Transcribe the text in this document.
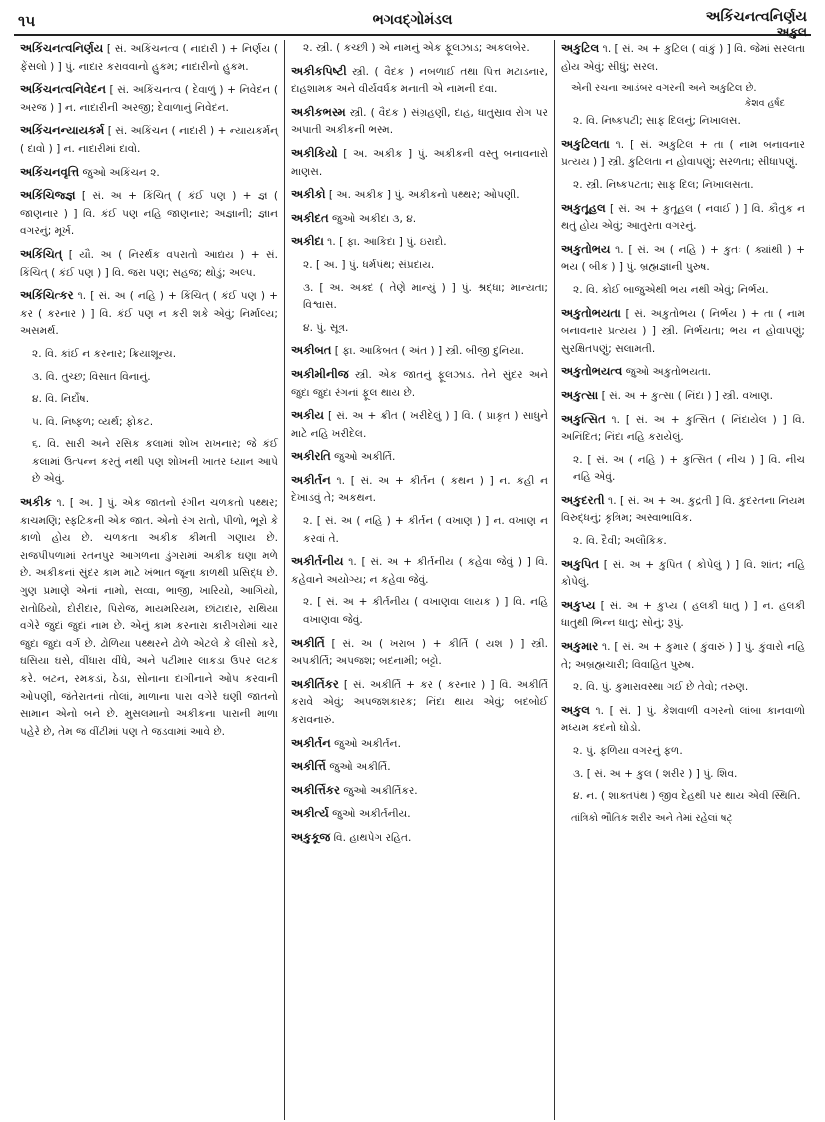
૧૫	ભગવદ્ગોમંડલ	અકિંચનત્વનિર્ણય
અકુલ
અકિંચનત્વનિર્ણય [ સં. અકિંચનત્વ ( નાદારી ) + નિર્ણય ( ફેંસલો ) ] પું. નાદાર કરાવવાનો હુકમ; નાદારીનો હુકમ.
અકિંચનત્વનિવેદન [ સં. અકિંચનત્વ ( દેવાળું ) + નિવેદન ( અરજ ) ] ન. નાદારીની અરજી; દેવાળાનું નિવેદન.
અકિંચનન્યાયકર્મ [ સં. અકિંચન ( નાદારી ) + ન્યાયકર્મન્ ( દાવો ) ] ન. નાદારીમાં દાવો.
અકિંચનવૃત્તિ જુઓ અકિંચન ૨.
અકિંચિજ્જ્ઞ [ સં. અ + કિંચિત્ ( કંઈ પણ ) + જ્ઞ ( જાણનાર ) ] વિ. કંઈ પણ નહિ જાણનાર; અજ્ઞાની; જ્ઞાન વગરનું; મૂર્ખ.
અકિંચિત્ [ યૌ. અ ( નિરર્થક વપરાતો આદ્યય ) + સં. કિંચિત્ ( કંઈ પણ ) ] વિ. જરા પણ; સહજ; થોડું; અલ્પ.
અકિંચિત્કર ૧. [ સં. અ ( નહિ ) + કિંચિત્ ( કંઈ પણ ) + કર ( કરનાર ) ] વિ. કંઈ પણ ન કરી શકે એવું; નિર્માલ્ય; અસમર્થ.
૨. વિ. કાંઈ ન કરનાર; ક્રિયાશૂન્ય.
૩. વિ. તુચ્છ; વિસાત વિનાનું.
૪. વિ. નિર્દોષ.
૫. વિ. નિષ્ફળ; વ્યર્થ; ફોકટ.
૬. વિ. સારી અને રસિક કલામાં શોખ રાખનાર; જે કંઈ કલામાં ઉત્પન્ન કરતું નથી પણ શોખની ખાતર ધ્યાન આપે છે એવું.
અકીક ૧. [ અ. ] પું. એક જાતનો રંગીન ચળકતો પથ્થર; કાચમણિ; સ્ફટિકની એક જાત. એનો રંગ રાતો, પીળો, ભૂરો કે કાળો હોય છે. ચળકતા અકીક કીમતી ગણાય છે. રાજપીપળામાં રતનપુર આગળના ડુંગરામાં અકીક ઘણા મળે છે. અકીકનાં સુંદર કામ માટે ખંભાત જૂના કાળથી પ્રસિદ્ધ છે. ગુણ પ્રમાણે એનાં નામો, સવ્વા, ભાજી, ખારિયો, આગિયો, રાતોઠિયો, દોરીદાર, પિરોજ, માયમરિયમ, છાંટાદાર, રાથિયા વગેરે જુદાં જુદાં નામ છે. એનું કામ કરનારા કારીગરોમાં ચાર જુદા જુદા વર્ગ છે. ઢોળિયા પથ્થરને ઢોળે એટલે કે લીસો કરે, ઘસિયા ઘસે, વીંધારા વીંધે, અને પટીમાર લાકડા ઉપર લટક કરે. બટન, રમકડાં, ઠેડા, સોનાના દાગીનાને ઓપ કરવાની ઓપણી, જંતેરાતનાં તોલાં, માળાના પારા વગેરે ઘણી જાતનો સામાન એનો બને છે. મુસલમાનો અકીકના પારાની માળા પહેરે છે, તેમ જ વીંટીમાં પણ તે જડવામાં આવે છે.
૨. સ્ત્રી. ( કચ્છી ) એ નામનું એક ફૂલઝાડ; અકલબેર.
અકીકપિષ્ટી સ્ત્રી. ( વૈદક ) નબળાઈ તથા પિત્ત મટાડનાર, દાહશામક અને વીર્યવર્ધક મનાતી એ નામની દવા.
અકીકભસ્મ સ્ત્રી. ( વૈદક ) સંગ્રહણી, દાહ, ધાતુસ્રાવ રોગ પર અપાતી અકીકની ભસ્મ.
અકીકિયો [ અ. અકીક ] પું. અકીકની વસ્તુ બનાવનારો માણસ.
અકીકો [ અ. અકીક ] પું. અકીકનો પથ્થર; ઓપણી.
અકીદત જુઓ અકીદા ૩, ૪.
અકીદા ૧. [ ફા. આકિદા ] પું. ઇરાદો.
૨. [ અ. ] પું. ધર્મપંથ; સંપ્રદાય.
૩. [ અ. અક્દ ( તેણે માન્યું ) ] પું. શ્રદ્ધા; માન્યતા; વિશ્વાસ.
૪. પું. સૂત્ર.
અકીબત [ ફા. આકિબત ( અંત ) ] સ્ત્રી. બીજી દુનિયા.
અકીમીનીજ સ્ત્રી. એક જાતનું ફૂલઝાડ. તેને સુંદર અને જુદા જુદા રંગનાં ફૂલ થાય છે.
અકીય [ સં. અ + ક્રીત ( ખરીદેલું ) ] વિ. ( પ્રાકૃત ) સાધુને માટે નહિ ખરીદેલ.
અકીરતિ જુઓ અકીર્તિ.
અકીર્તન ૧. [ સં. અ + કીર્તન ( કથન ) ] ન. કહી ન દેખાડવું તે; અકથન.
૨. [ સં. અ ( નહિ ) + કીર્તન ( વખાણ ) ] ન. વખાણ ન કરવાં તે.
અકીર્તનીય ૧. [ સં. અ + કીર્તનીય ( કહેવા જેવું ) ] વિ. કહેવાને અયોગ્ય; ન કહેવા જેવું.
૨. [ સં. અ + કીર્તનીય ( વખાણવા લાયક ) ] વિ. નહિ વખાણવા જેવું.
અકીર્તિ [ સં. અ ( ખરાબ ) + કીર્તિ ( યશ ) ] સ્ત્રી. અપકીર્તિ; અપજશ; બદનામી; બટ્ટો.
અકીર્તિકર [ સં. અકીર્તિ + કર ( કરનાર ) ] વિ. અકીર્તિ કરાવે એવું; અપજશકારક; નિંદા થાય એવું; બદબોઈ કરાવનારું.
અકીર્તન જુઓ અકીર્તન.
અકીર્ત્તિ જુઓ અકીર્તિ.
અકીર્ત્તિકર જુઓ અકીર્તિકર.
અકીર્ત્ય જુઓ અકીર્તનીય.
અકુકૂજ વિ. હાથપેગ રહિત.
અકુટિલ ૧. [ સં. અ + કુટિલ ( વાંકું ) ] વિ. જેમાં સરલતા હોય એવું; સીધું; સરલ.
એની રચના આડંબર વગરની અને અકુટિલ છે.
કેશવ હર્ષદ
૨. વિ. નિષ્કપટી; સાફ દિલનું; નિખાલસ.
અકુટિલતા ૧. [ સં. અકુટિલ + તા ( નામ બનાવનાર પ્રત્યય ) ] સ્ત્રી. કુટિલતા ન હોવાપણું; સરળતા; સીધાપણું.
૨. સ્ત્રી. નિષ્કપટતા; સાફ દિલ; નિખાલસતા.
અકુતૂહલ [ સં. અ + કુતૂહલ ( નવાઈ ) ] વિ. કૌતુક ન થતું હોય એવું; આતુરતા વગરનું.
અકુતોભય ૧. [ સં. અ ( નહિ ) + કુતઃ ( ક્યાંથી ) + ભય ( બીક ) ] પું. બ્રહ્મજ્ઞાની પુરુષ.
૨. વિ. કોઈ બાજુએથી ભય નથી એવું; નિર્ભય.
અકુતોભયતા [ સં. અકુતોભય ( નિર્ભય ) + તા ( નામ બનાવનાર પ્રત્યય ) ] સ્ત્રી. નિર્ભયતા; ભય ન હોવાપણું; સુરક્ષિતપણું; સલામતી.
અકુતોભયત્વ જુઓ અકુતોભયતા.
અકુત્સા [ સં. અ + કુત્સા ( નિંદા ) ] સ્ત્રી. વખાણ.
અકુત્સિત ૧. [ સં. અ + કુત્સિત ( નિંદાયેલ ) ] વિ. અનિંદિત; નિંદા નહિ કરાયેલું.
૨. [ સં. અ ( નહિ ) + કુત્સિત ( નીચ ) ] વિ. નીચ નહિ એવું.
અકુદરતી ૧. [ સં. અ + અ. કુદ્રતી ] વિ. કુદરતના નિયમ વિરુદ્ધનું; કૃત્રિમ; અસ્વાભાવિક.
૨. વિ. દૈવી; અલૌકિક.
અકુપિત [ સં. અ + કુપિત ( કોપેલું ) ] વિ. શાંત; નહિ કોપેલું.
અકુપ્ય [ સં. અ + કુપ્ય ( હલકી ધાતુ ) ] ન. હલકી ધાતુથી ભિન્ન ધાતુ; સોનું; રૂપું.
અકુમાર ૧. [ સં. અ + કુમાર ( કુંવારું ) ] પું. કુંવારો નહિ તે; અબ્રહ્મચારી; વિવાહિત પુરુષ.
૨. વિ. પું. કુમારાવસ્થા ગઈ છે તેવો; તરુણ.
અકુલ ૧. [ સં. ] પું. કેશવાળી વગરનો લાંબા કાનવાળો મધ્યમ કદનો ઘોડો.
૨. પું. ફળિયા વગરનું ફળ.
૩. [ સં. અ + કુલ ( શરીર ) ] પું. શિવ.
૪. ન. ( શાક્તપંથ ) જીવ દેહથી પર થાય એવી સ્થિતિ.
તાંત્રિકો ભૌતિક શરીર અને તેમાં રહેલાં ષટ્
